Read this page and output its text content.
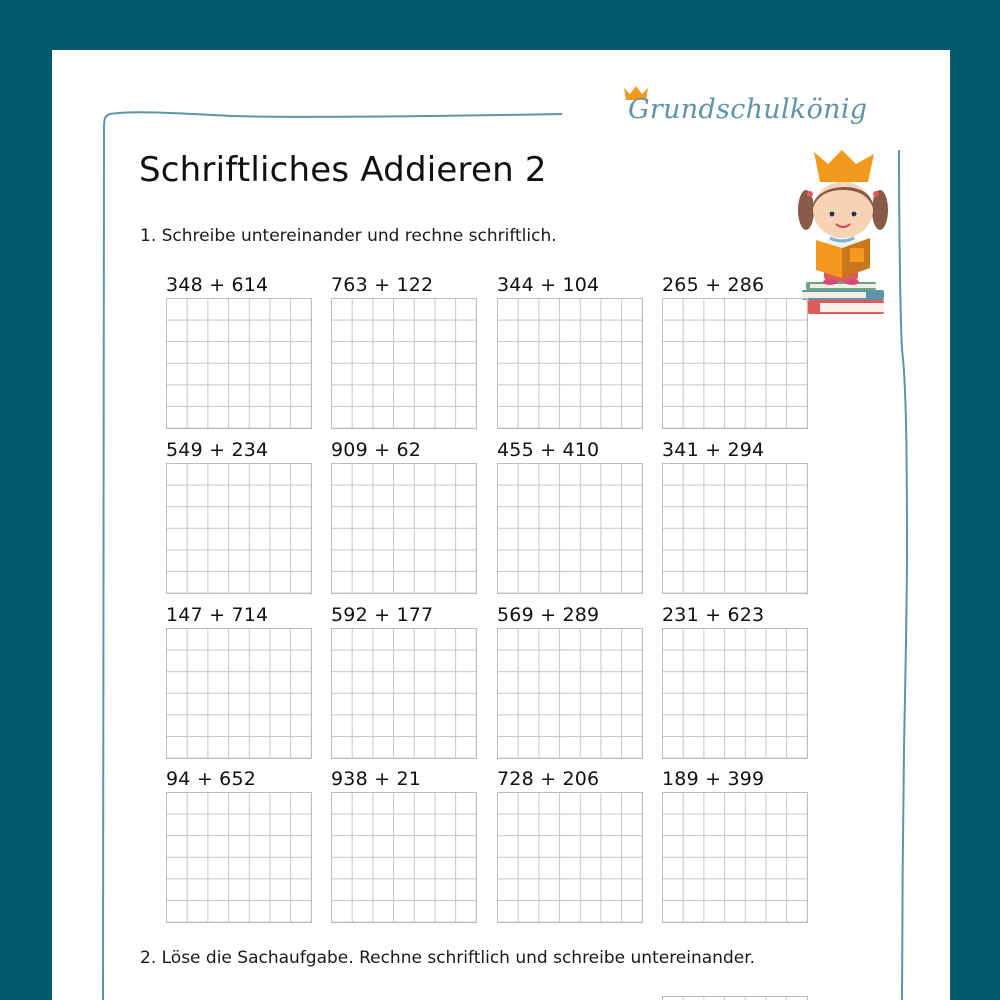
Grundschulkönig
Schriftliches Addieren 2
1. Schreibe untereinander und rechne schriftlich.
348 + 614	763 + 122	344 + 104	265 + 286
549 + 234	909 + 62	455 + 410	341 + 294
147 + 714	592 + 177	569 + 289	231 + 623
94 + 652	938 + 21	728 + 206	189 + 399
2. Löse die Sachaufgabe. Rechne schriftlich und schreibe untereinander.
